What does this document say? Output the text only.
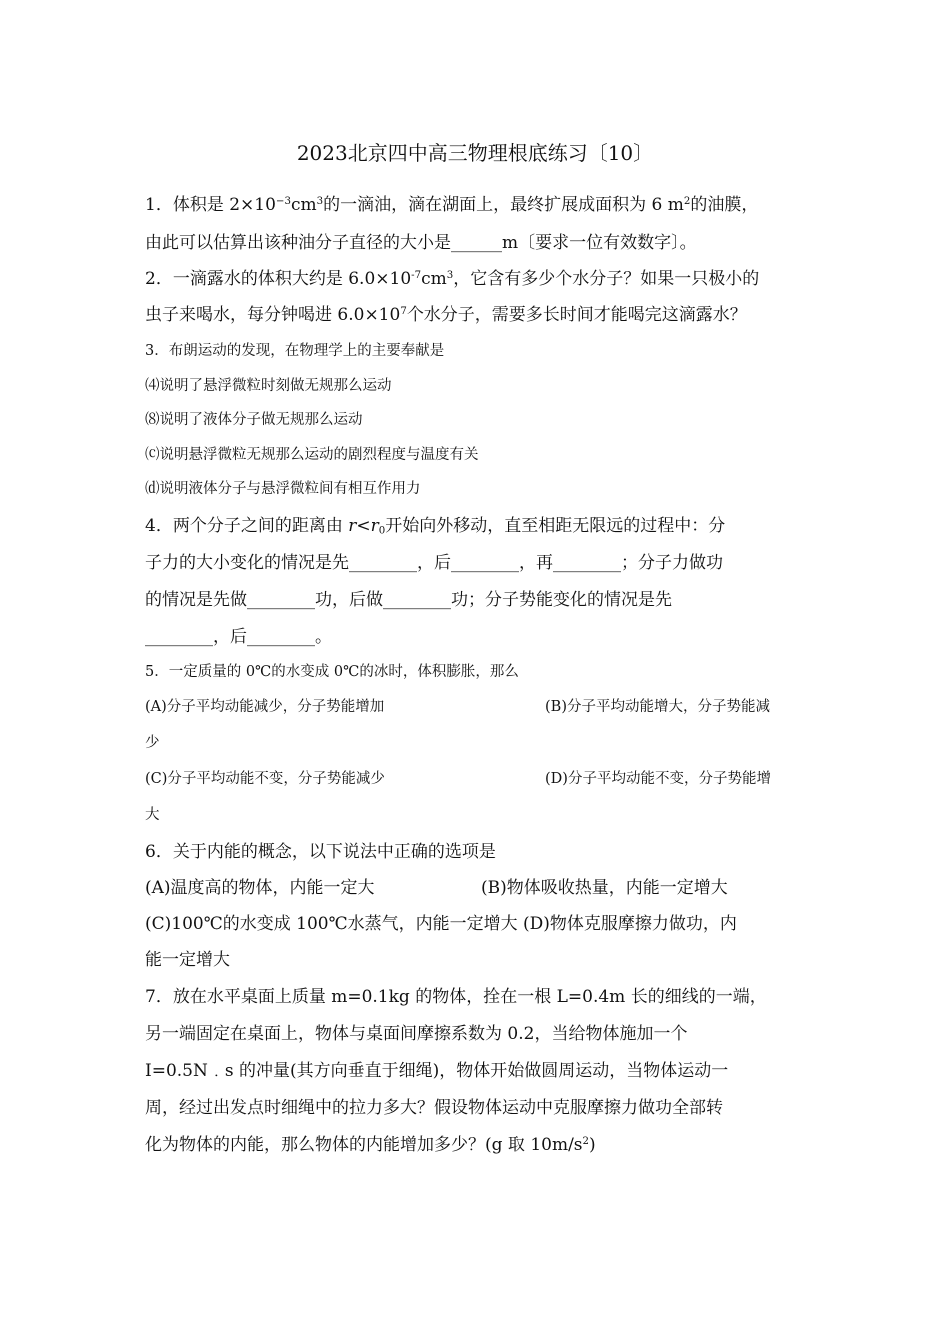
2023北京四中高三物理根底练习〔10〕
1．体积是 $2\times 10^{-3}cm^3$的一滴油，滴在湖面上，最终扩展成面积为 6 $m^2$的油膜，
由此可以估算出该种油分子直径的大小是______m〔要求一位有效数字〕。
2．一滴露水的体积大约是 $6.0\times 10^{-7}cm^3$，它含有多少个水分子？如果一只极小的
虫子来喝水，每分钟喝进 $6.0\times 10^7$个水分子，需要多长时间才能喝完这滴露水？
3．布朗运动的发现，在物理学上的主要奉献是
⑷说明了悬浮微粒时刻做无规那么运动
⑻说明了液体分子做无规那么运动
⒞说明悬浮微粒无规那么运动的剧烈程度与温度有关
⒟说明液体分子与悬浮微粒间有相互作用力
4．两个分子之间的距离由 $r<r_0$开始向外移动，直至相距无限远的过程中：分
子力的大小变化的情况是先________，后________，再________；分子力做功
的情况是先做________功，后做________功；分子势能变化的情况是先
________，后________。
5．一定质量的 0℃的水变成 0℃的冰时，体积膨胀，那么
(A)分子平均动能减少，分子势能增加	(B)分子平均动能增大，分子势能减
少
(C)分子平均动能不变，分子势能减少	(D)分子平均动能不变，分子势能增
大
6．关于内能的概念，以下说法中正确的选项是
(A)温度高的物体，内能一定大	(B)物体吸收热量，内能一定增大
(C)100℃的水变成 100℃水蒸气，内能一定增大 (D)物体克服摩擦力做功，内
能一定增大
7．放在水平桌面上质量 m=0.1kg 的物体，拴在一根 L=0.4m 长的细线的一端，
另一端固定在桌面上，物体与桌面间摩擦系数为 0.2，当给物体施加一个
I=0.5N﹒s 的冲量(其方向垂直于细绳)，物体开始做圆周运动，当物体运动一
周，经过出发点时细绳中的拉力多大？假设物体运动中克服摩擦力做功全部转
化为物体的内能，那么物体的内能增加多少？(g 取 $10m/s^2$)
